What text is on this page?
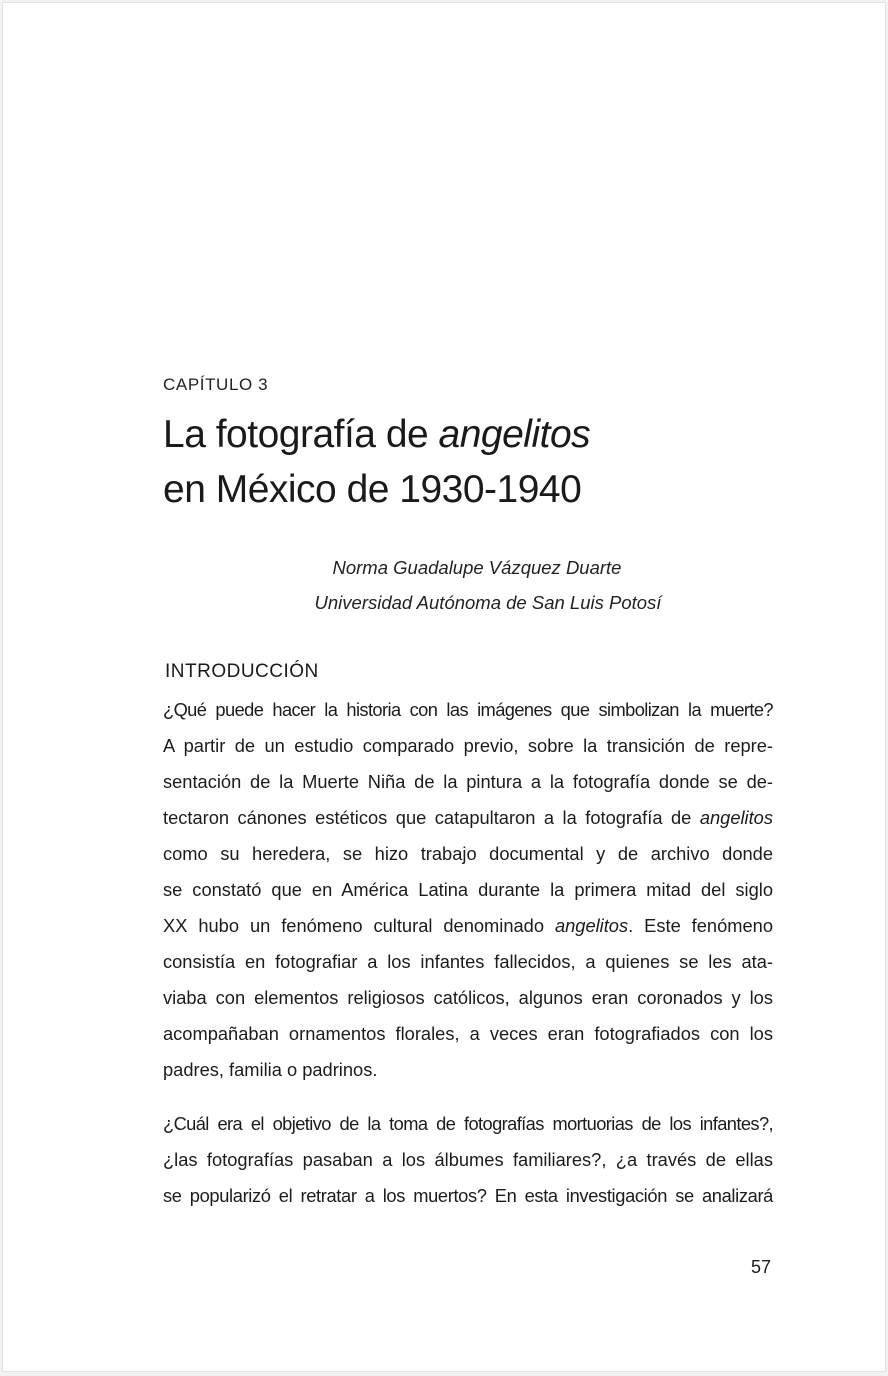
CAPÍTULO 3
La fotografía de angelitos
en México de 1930-1940
Norma Guadalupe Vázquez Duarte
Universidad Autónoma de San Luis Potosí
INTRODUCCIÓN
¿Qué puede hacer la historia con las imágenes que simbolizan la muerte?
A partir de un estudio comparado previo, sobre la transición de repre-
sentación de la Muerte Niña de la pintura a la fotografía donde se de-
tectaron cánones estéticos que catapultaron a la fotografía de angelitos
como su heredera, se hizo trabajo documental y de archivo donde
se constató que en América Latina durante la primera mitad del siglo
XX hubo un fenómeno cultural denominado angelitos. Este fenómeno
consistía en fotografiar a los infantes fallecidos, a quienes se les ata-
viaba con elementos religiosos católicos, algunos eran coronados y los
acompañaban ornamentos florales, a veces eran fotografiados con los
padres, familia o padrinos.
¿Cuál era el objetivo de la toma de fotografías mortuorias de los infantes?,
¿las fotografías pasaban a los álbumes familiares?, ¿a través de ellas
se popularizó el retratar a los muertos? En esta investigación se analizará
57
